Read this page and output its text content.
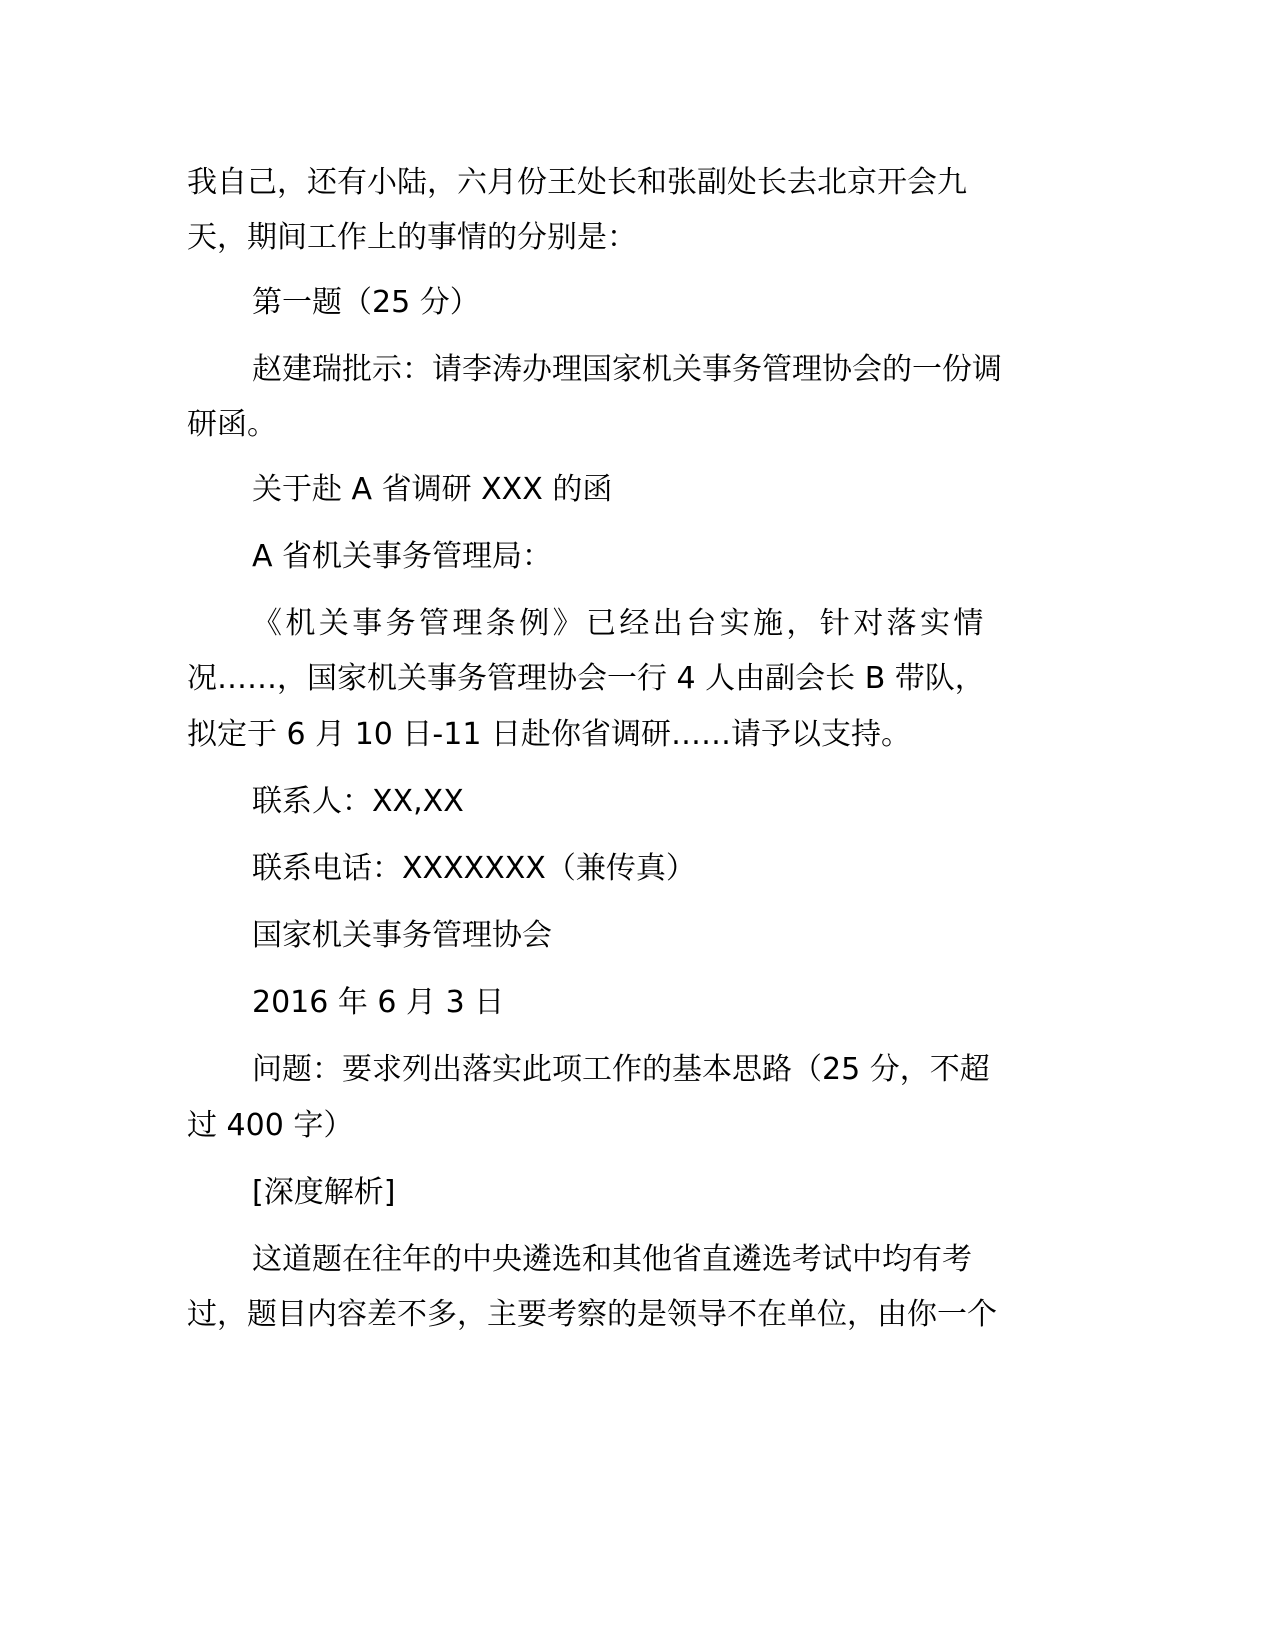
我自己，还有小陆，六月份王处长和张副处长去北京开会九
天，期间工作上的事情的分别是：
第一题（25 分）
赵建瑞批示：请李涛办理国家机关事务管理协会的一份调
研函。
关于赴 A 省调研 XXX 的函
A 省机关事务管理局：
《机关事务管理条例》已经出台实施，针对落实情
况……，国家机关事务管理协会一行 4 人由副会长 B 带队，
拟定于 6 月 10 日-11 日赴你省调研……请予以支持。
联系人：XX,XX
联系电话：XXXXXXX（兼传真）
国家机关事务管理协会
2016 年 6 月 3 日
问题：要求列出落实此项工作的基本思路（25 分，不超
过 400 字）
[深度解析]
这道题在往年的中央遴选和其他省直遴选考试中均有考
过，题目内容差不多，主要考察的是领导不在单位，由你一个
